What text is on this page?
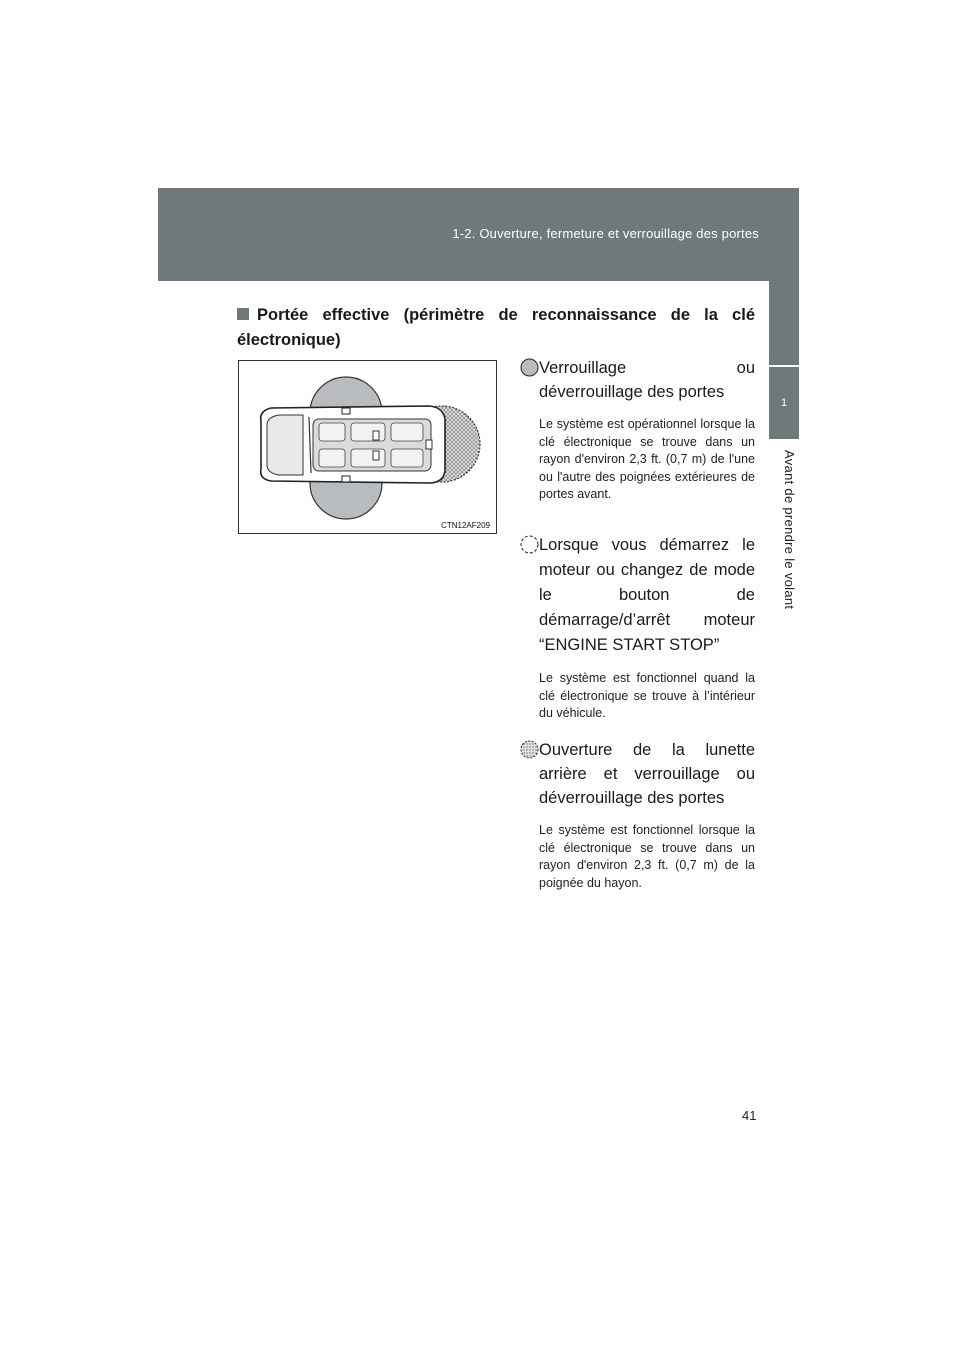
1-2. Ouverture, fermeture et verrouillage des portes
1
Avant de prendre le volant
Portée effective (périmètre de reconnaissance de la clé électronique)
CTN12AF209
Verrouillage ou déverrouillage des portes
Le système est opérationnel lorsque la clé électronique se trouve dans un rayon d'environ 2,3 ft. (0,7 m) de l'une ou l'autre des poignées extérieures de portes avant.
Lorsque vous démarrez le moteur ou changez de mode le bouton de démarrage/d’arrêt moteur “ENGINE START STOP”
Le système est fonctionnel quand la clé électronique se trouve à l’intérieur du véhicule.
Ouverture de la lunette arrière et verrouillage ou déverrouillage des portes
Le système est fonctionnel lorsque la clé électronique se trouve dans un rayon d'environ 2,3 ft. (0,7 m) de la poignée du hayon.
41
